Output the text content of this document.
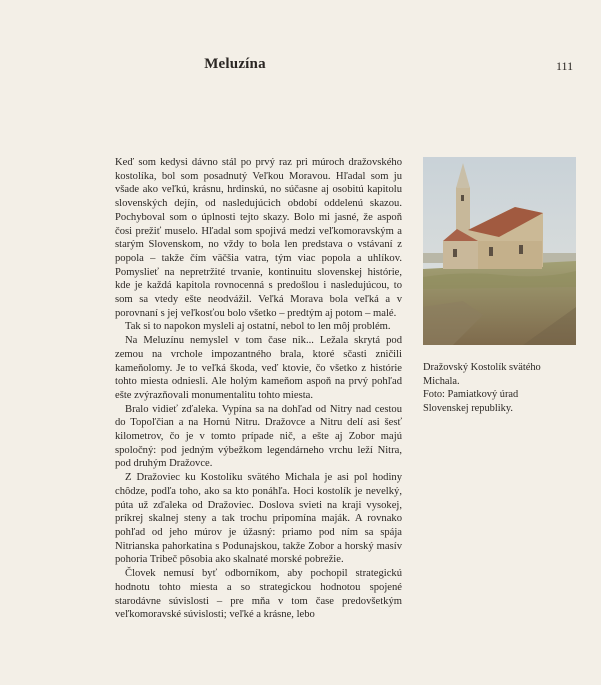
Meluzína	111

Keď som kedysi dávno stál po prvý raz pri múroch dražovského kostolíka, bol som posadnutý Veľkou Moravou. Hľadal som ju všade ako veľkú, krásnu, hrdinskú, no súčasne aj osobitú kapitolu slovenských dejín, od nasledujúcich období oddelenú skazou. Pochyboval som o úplnosti tejto skazy. Bolo mi jasné, že aspoň čosi prežiť muselo. Hľadal som spojivá medzi veľkomoravským a starým Slovenskom, no vždy to bola len predstava o vstávaní z popola – takže čím väčšia vatra, tým viac popola a uhlíkov. Pomyslieť na nepretržité trvanie, kontinuitu slovenskej histórie, kde je každá kapitola rovnocenná s predošlou i nasledujúcou, to som sa vtedy ešte neodvážil. Veľká Morava bola veľká a v porovnaní s jej veľkosťou bolo všetko – predtým aj potom – malé.

Tak si to napokon mysleli aj ostatní, nebol to len môj problém.

Na Meluzínu nemyslel v tom čase nik... Ležala skrytá pod zemou na vrchole impozantného brala, ktoré sčasti zničili kameňolomy. Je to veľká škoda, veď ktovie, čo všetko z histórie tohto miesta odniesli. Ale holým kameňom aspoň na prvý pohľad ešte zvýrazňovali monumentalitu tohto miesta.

Bralo vidieť zďaleka. Vypína sa na dohľad od Nitry nad cestou do Topoľčian a na Hornú Nitru. Dražovce a Nitru delí asi šesť kilometrov, čo je v tomto prípade nič, a ešte aj Zobor majú spoločný: pod jedným výbežkom legendárneho vrchu leží Nitra, pod druhým Dražovce.

Z Dražoviec ku Kostolíku svätého Michala je asi pol hodiny chôdze, podľa toho, ako sa kto ponáhľa. Hoci kostolík je nevelký, púta už zďaleka od Dražoviec. Doslova svieti na kraji vysokej, príkrej skalnej steny a tak trochu pripomína maják. A rovnako pohľad od jeho múrov je úžasný: priamo pod ním sa spája Nitrianska pahorkatina s Podunajskou, takže Zobor a horský masív pohoria Tribeč pôsobia ako skalnaté morské pobrežie.

Človek nemusí byť odborníkom, aby pochopil strategickú hodnotu tohto miesta a so strategickou hodnotou spojené starodávne súvislosti – pre mňa v tom čase predovšetkým veľkomoravské súvislosti; veľké a krásne, lebo

Dražovský Kostolík svätého
Michala.
Foto: Pamiatkový úrad
Slovenskej republiky.
